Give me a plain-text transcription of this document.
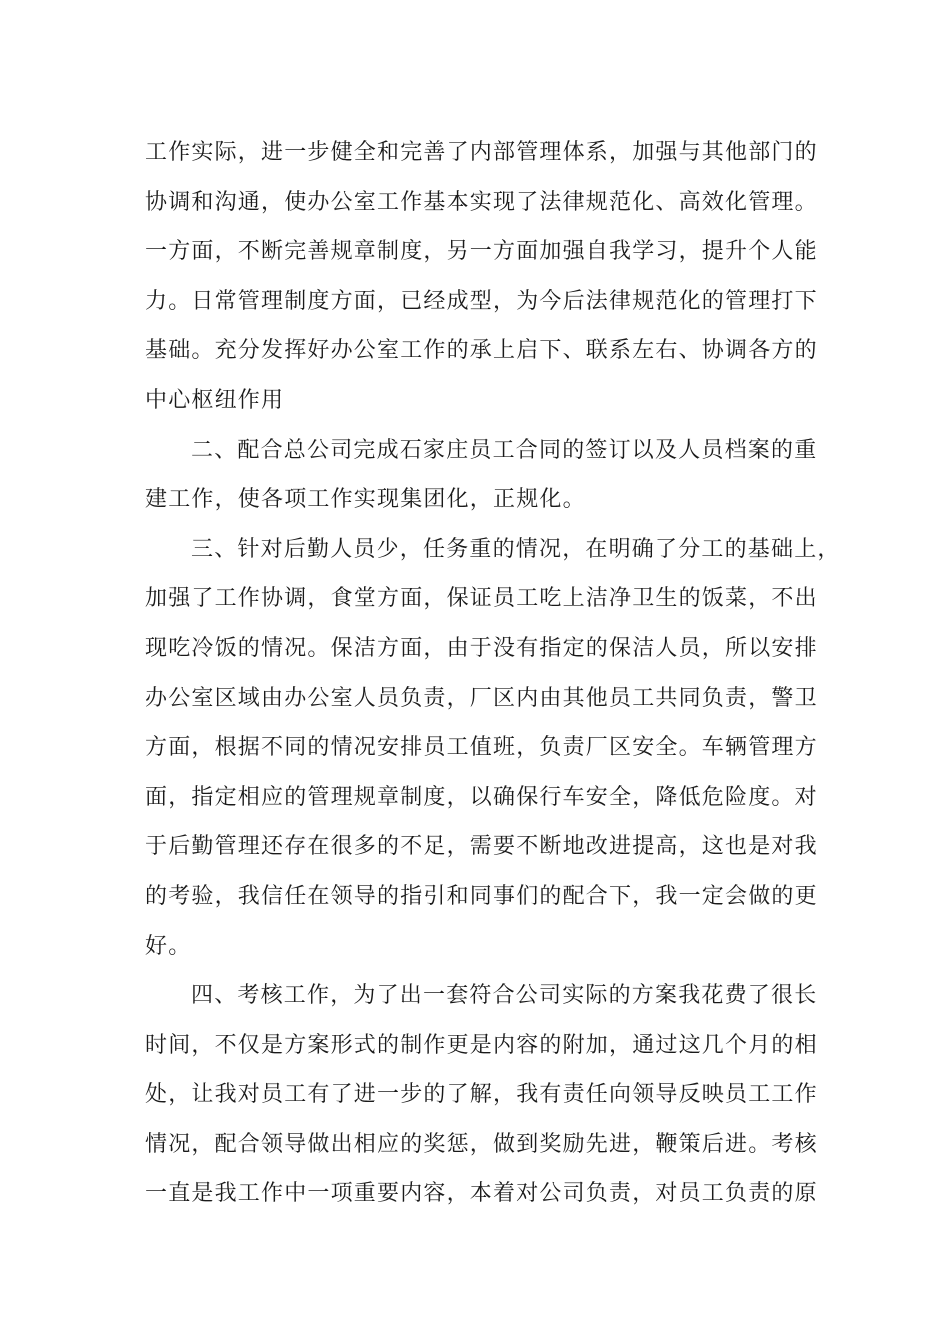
工作实际，进一步健全和完善了内部管理体系，加强与其他部门的
协调和沟通，使办公室工作基本实现了法律规范化、高效化管理。
一方面，不断完善规章制度，另一方面加强自我学习，提升个人能
力。日常管理制度方面，已经成型，为今后法律规范化的管理打下
基础。充分发挥好办公室工作的承上启下、联系左右、协调各方的
中心枢纽作用
二、配合总公司完成石家庄员工合同的签订以及人员档案的重
建工作，使各项工作实现集团化，正规化。
三、针对后勤人员少，任务重的情况，在明确了分工的基础上，
加强了工作协调，食堂方面，保证员工吃上洁净卫生的饭菜，不出
现吃冷饭的情况。保洁方面，由于没有指定的保洁人员，所以安排
办公室区域由办公室人员负责，厂区内由其他员工共同负责，警卫
方面，根据不同的情况安排员工值班，负责厂区安全。车辆管理方
面，指定相应的管理规章制度，以确保行车安全，降低危险度。对
于后勤管理还存在很多的不足，需要不断地改进提高，这也是对我
的考验，我信任在领导的指引和同事们的配合下，我一定会做的更
好。
四、考核工作，为了出一套符合公司实际的方案我花费了很长
时间，不仅是方案形式的制作更是内容的附加，通过这几个月的相
处，让我对员工有了进一步的了解，我有责任向领导反映员工工作
情况，配合领导做出相应的奖惩，做到奖励先进，鞭策后进。考核
一直是我工作中一项重要内容，本着对公司负责，对员工负责的原
